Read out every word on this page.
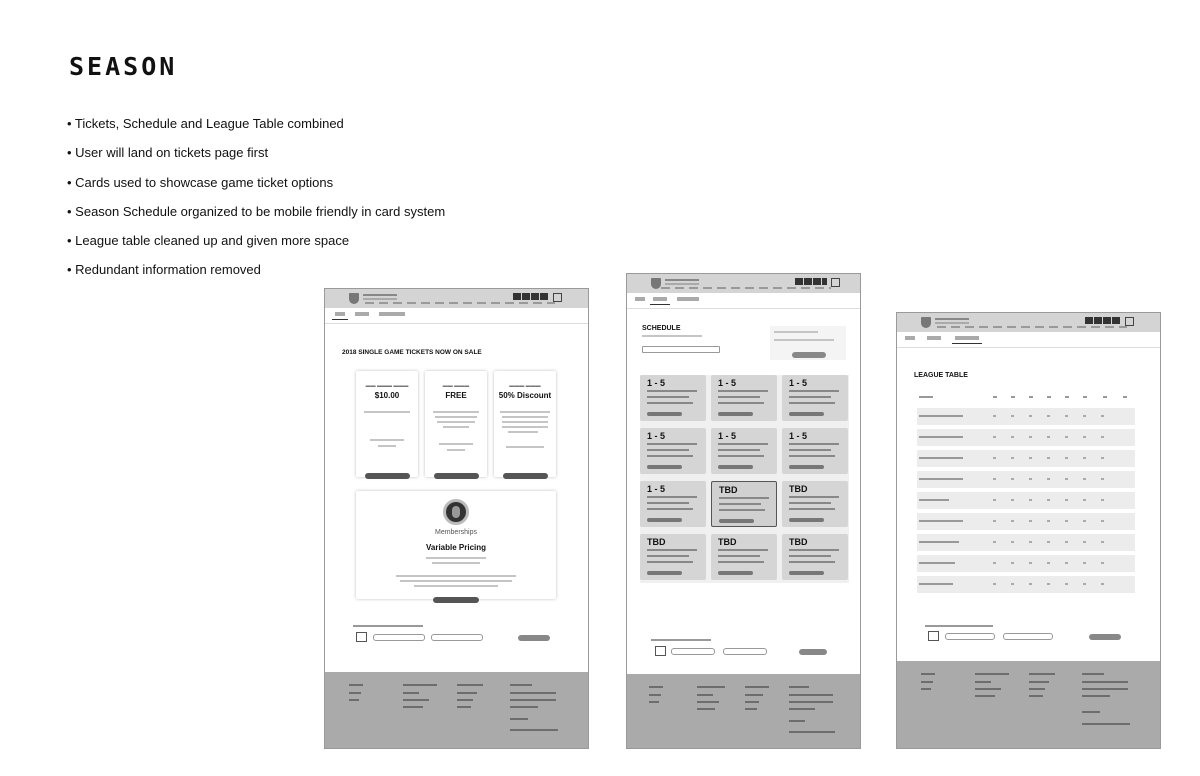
SEASON
• Tickets, Schedule and League Table combined
• User will land on tickets page first
• Cards used to showcase game ticket options
• Season Schedule organized to be mobile friendly in card system
• League table cleaned up and given more space
• Redundant information removed
2018 SINGLE GAME TICKETS NOW ON SALE
▬▬ ▬▬▬ ▬▬▬
$10.00
▬▬ ▬▬▬
FREE
▬▬▬ ▬▬▬
50% Discount
Memberships
Variable Pricing
SCHEDULE
1 - 5	1 - 5	1 - 5
1 - 5	1 - 5	1 - 5
1 - 5	TBD	TBD
TBD	TBD	TBD
LEAGUE TABLE
